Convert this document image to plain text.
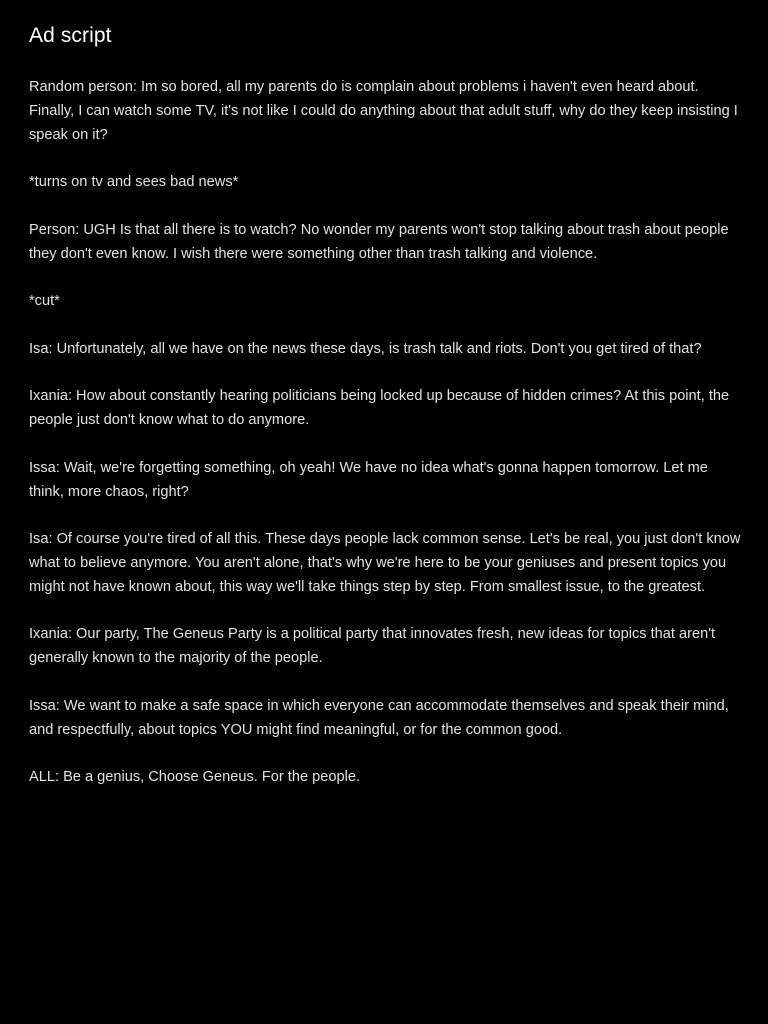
Ad script

Random person: Im so bored, all my parents do is complain about problems i haven't even heard about. Finally, I can watch some TV, it's not like I could do anything about that adult stuff, why do they keep insisting I speak on it?

*turns on tv and sees bad news*

Person: UGH Is that all there is to watch? No wonder my parents won't stop talking about trash about people they don't even know. I wish there were something other than trash talking and violence.

*cut*

Isa: Unfortunately, all we have on the news these days, is trash talk and riots. Don't you get tired of that?

Ixania: How about constantly hearing politicians being locked up because of hidden crimes? At this point, the people just don't know what to do anymore.

Issa: Wait, we're forgetting something, oh yeah! We have no idea what's gonna happen tomorrow. Let me think, more chaos, right?

Isa: Of course you're tired of all this. These days people lack common sense. Let's be real, you just don't know what to believe anymore. You aren't alone, that's why we're here to be your geniuses and present topics you might not have known about, this way we'll take things step by step. From smallest issue, to the greatest.

Ixania: Our party, The Geneus Party is a political party that innovates fresh, new ideas for topics that aren't generally known to the majority of the people.

Issa: We want to make a safe space in which everyone can accommodate themselves and speak their mind, and respectfully, about topics YOU might find meaningful, or for the common good.

ALL: Be a genius, Choose Geneus. For the people.
